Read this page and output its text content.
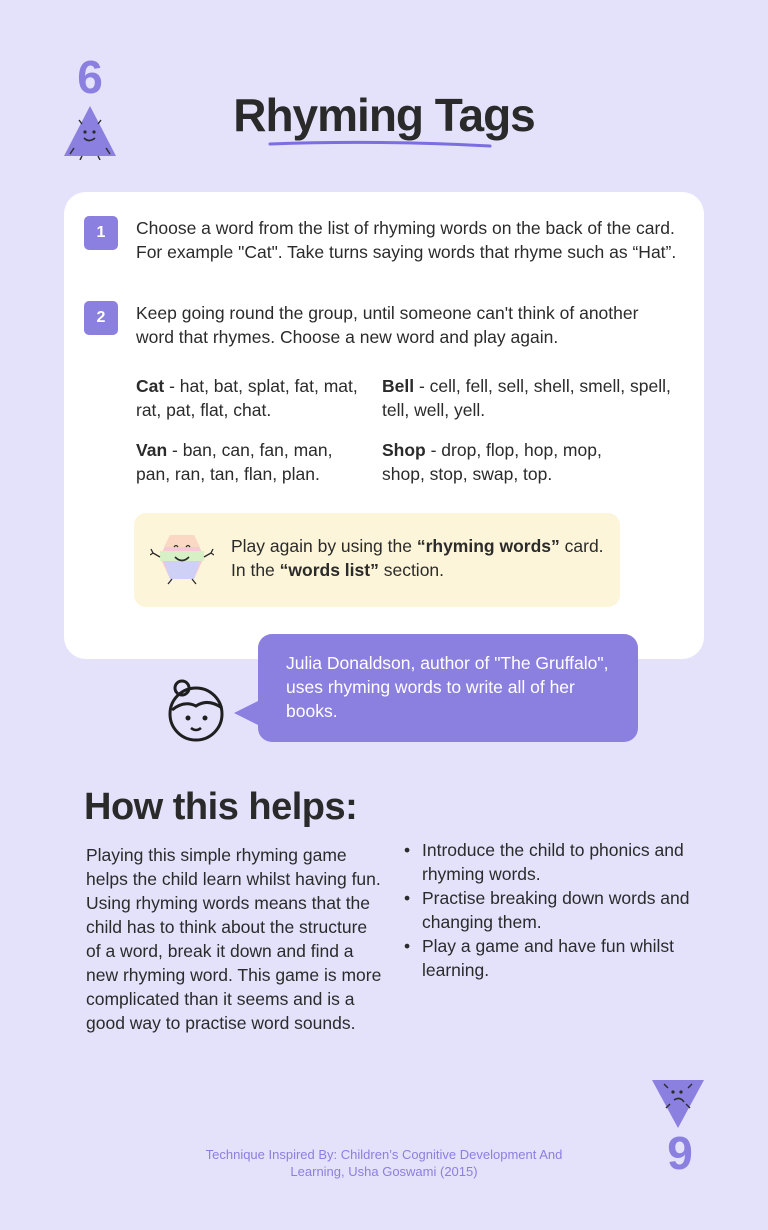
6
Rhyming Tags
1	Choose a word from the list of rhyming words on the back of the card. For example "Cat". Take turns saying words that rhyme such as “Hat”.
2	Keep going round the group, until someone can't think of another word that rhymes. Choose a new word and play again.
Cat - hat, bat, splat, fat, mat, rat, pat, flat, chat.
Bell - cell, fell, sell, shell, smell, spell, tell, well, yell.
Van - ban, can, fan, man, pan, ran, tan, flan, plan.
Shop - drop, flop, hop, mop, shop, stop, swap, top.
Play again by using the “rhyming words” card. In the “words list” section.
Julia Donaldson, author of "The Gruffalo", uses rhyming words to write all of her books.
How this helps:
Playing this simple rhyming game helps the child learn whilst having fun. Using rhyming words means that the child has to think about the structure of a word, break it down and find a new rhyming word. This game is more complicated than it seems and is a good way to practise word sounds.
• Introduce the child to phonics and rhyming words.
• Practise breaking down words and changing them.
• Play a game and have fun whilst learning.
9
Technique Inspired By: Children’s Cognitive Development And Learning, Usha Goswami (2015)
